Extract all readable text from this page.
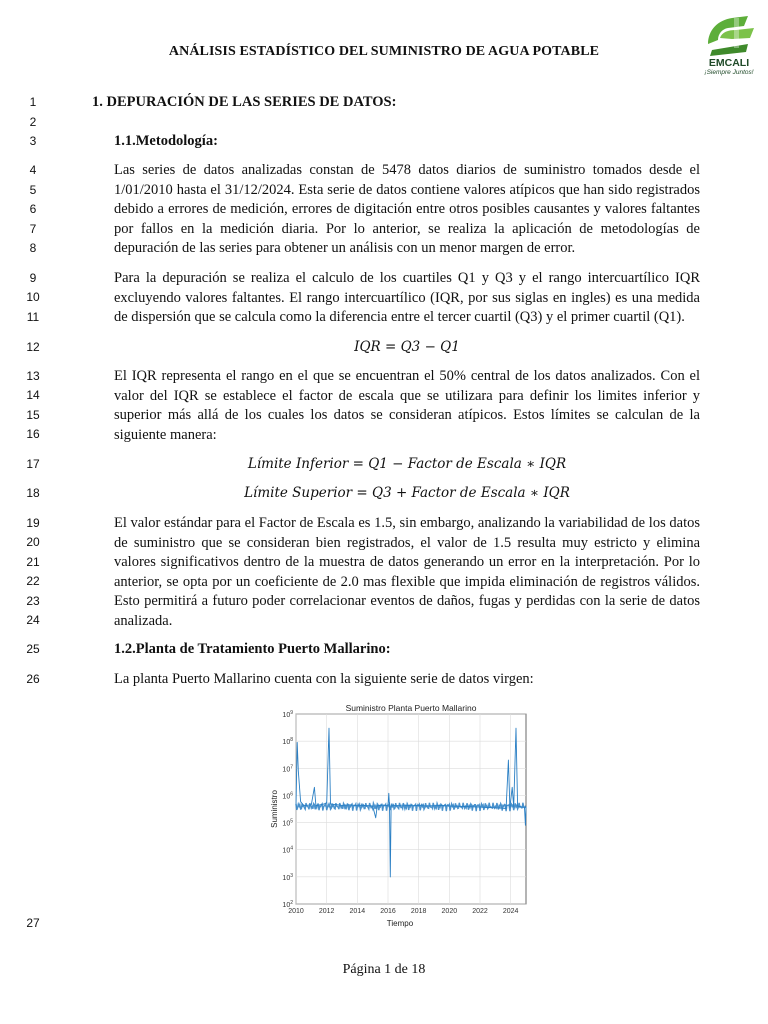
ANÁLISIS ESTADÍSTICO DEL SUMINISTRO DE AGUA POTABLE
EMCALI
¡Siempre Juntos!
1
2
3
4
5
6
7
8
9
10
11
12
13
14
15
16
17
18
19
20
21
22
23
24
25
26
27
1. DEPURACIÓN DE LAS SERIES DE DATOS:
1.1.Metodología:
Las series de datos analizadas constan de 5478 datos diarios de suministro tomados desde el 1/01/2010 hasta el 31/12/2024. Esta serie de datos contiene valores atípicos que han sido registrados debido a errores de medición, errores de digitación entre otros posibles causantes y valores faltantes por fallos en la medición diaria. Por lo anterior, se realiza la aplicación de metodologías de depuración de las series para obtener un análisis con un menor margen de error.
Para la depuración se realiza el calculo de los cuartiles Q1 y Q3 y el rango intercuartílico IQR excluyendo valores faltantes. El rango intercuartílico (IQR, por sus siglas en ingles) es una medida de dispersión que se calcula como la diferencia entre el tercer cuartil (Q3) y el primer cuartil (Q1).
IQR = Q3 − Q1
El IQR representa el rango en el que se encuentran el 50% central de los datos analizados. Con el valor del IQR se establece el factor de escala que se utilizara para definir los limites inferior y superior más allá de los cuales los datos se consideran atípicos. Estos límites se calculan de la siguiente manera:
Límite Inferior = Q1 − Factor de Escala ∗ IQR
Límite Superior = Q3 + Factor de Escala ∗ IQR
El valor estándar para el Factor de Escala es 1.5, sin embargo, analizando la variabilidad de los datos de suministro que se consideran bien registrados, el valor de 1.5 resulta muy estricto y elimina valores significativos dentro de la muestra de datos generando un error en la interpretación. Por lo anterior, se opta por un coeficiente de 2.0 mas flexible que impida eliminación de registros válidos. Esto permitirá a futuro poder correlacionar eventos de daños, fugas y perdidas con la serie de datos analizada.
1.2.Planta de Tratamiento Puerto Mallarino:
La planta Puerto Mallarino cuenta con la siguiente serie de datos virgen:
2010 2012 2014 2016 2018 2020 2022 2024
$10^2$
$10^3$
$10^4$
$10^5$
$10^6$
$10^7$
$10^8$
$10^9$	Suministro Planta Puerto Mallarino
Tiempo
Suministro
Página 1 de 18
